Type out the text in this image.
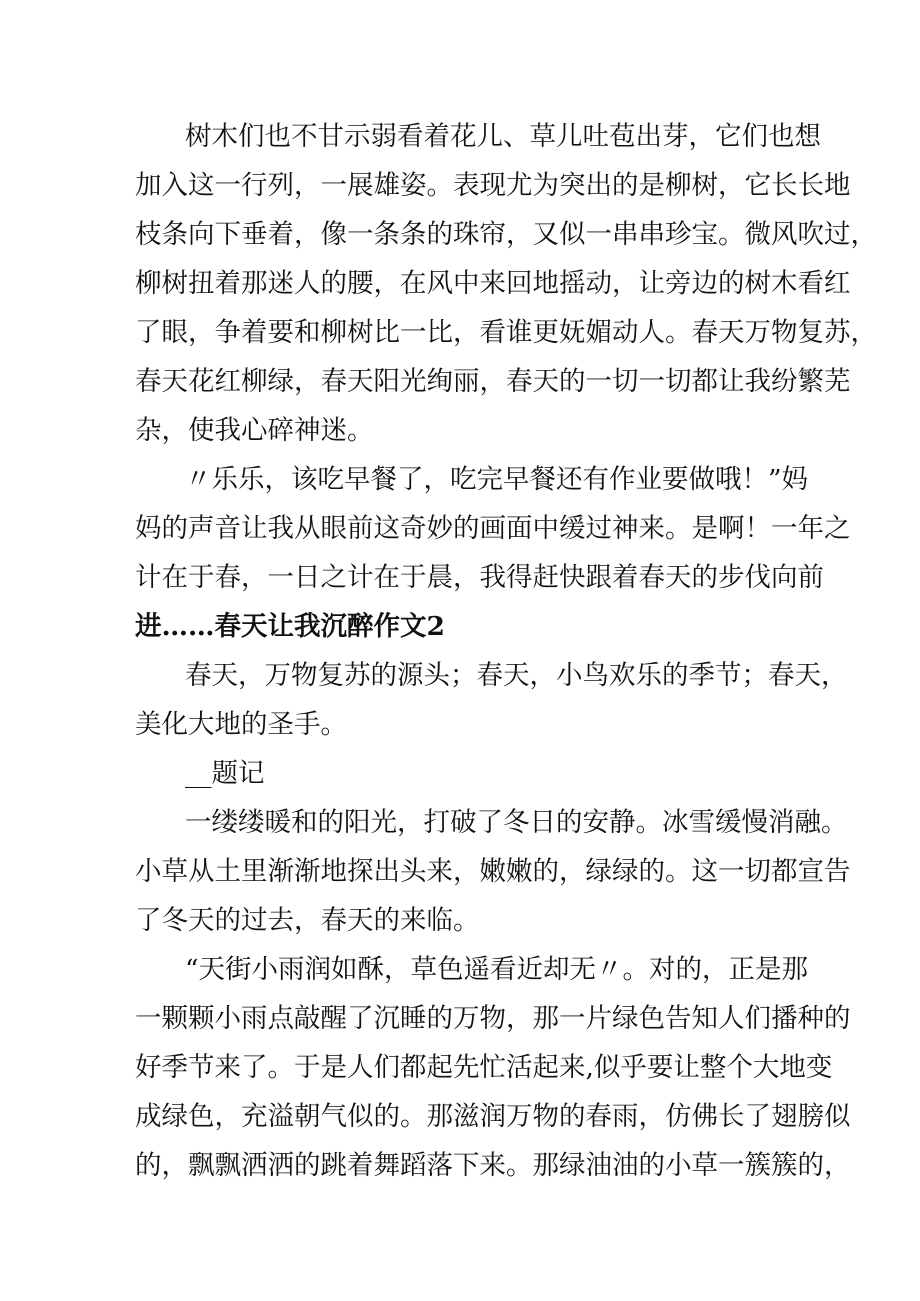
树木们也不甘示弱看着花儿、草儿吐苞出芽，它们也想
加入这一行列，一展雄姿。表现尤为突出的是柳树，它长长地
枝条向下垂着，像一条条的珠帘，又似一串串珍宝。微风吹过，
柳树扭着那迷人的腰，在风中来回地摇动，让旁边的树木看红
了眼，争着要和柳树比一比，看谁更妩媚动人。春天万物复苏，
春天花红柳绿，春天阳光绚丽，春天的一切一切都让我纷繁芜
杂，使我心碎神迷。
〃乐乐，该吃早餐了，吃完早餐还有作业要做哦！”妈
妈的声音让我从眼前这奇妙的画面中缓过神来。是啊！一年之
计在于春，一日之计在于晨，我得赶快跟着春天的步伐向前
进……春天让我沉醉作文2
春天，万物复苏的源头；春天，小鸟欢乐的季节；春天，
美化大地的圣手。
__题记
一缕缕暖和的阳光，打破了冬日的安静。冰雪缓慢消融。
小草从土里渐渐地探出头来，嫩嫩的，绿绿的。这一切都宣告
了冬天的过去，春天的来临。
“天街小雨润如酥，草色遥看近却无〃。对的，正是那
一颗颗小雨点敲醒了沉睡的万物，那一片绿色告知人们播种的
好季节来了。于是人们都起先忙活起来,似乎要让整个大地变
成绿色，充溢朝气似的。那滋润万物的春雨，仿佛长了翅膀似
的，飘飘洒洒的跳着舞蹈落下来。那绿油油的小草一簇簇的，
